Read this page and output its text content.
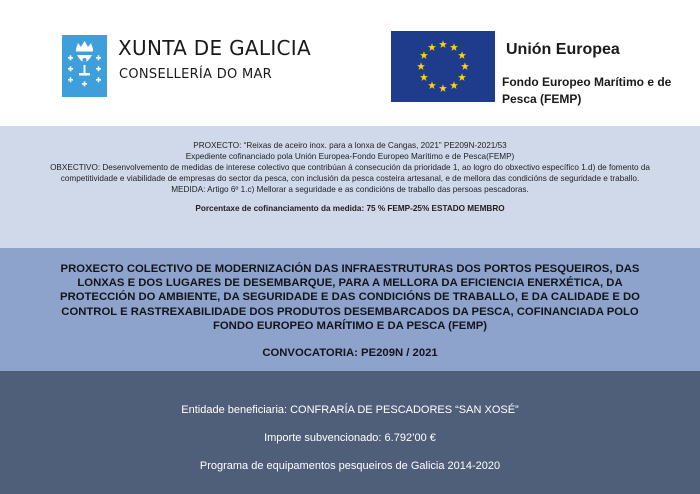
XUNTA DE GALICIA
CONSELLERÍA DO MAR
Unión Europea
Fondo Europeo Marítimo e de Pesca (FEMP)

PROXECTO: “Reixas de aceiro inox. para a lonxa de Cangas, 2021” PE209N-2021/53

Expediente cofinanciado pola Unión Europea-Fondo Europeo Marítimo e de Pesca(FEMP)

OBXECTIVO: Desenvolvemento de medidas de interese colectivo que contribúan á consecución da prioridade 1, ao logro do obxectivo específico 1.d) de fomento da competitividade e viabilidade de empresas do sector da pesca, con inclusión da pesca costeira artesanal, e de mellora das condicións de seguridade e traballo.

MEDIDA: Artigo 6º 1.c) Mellorar a seguridade e as condicións de traballo das persoas pescadoras.

Porcentaxe de cofinanciamento da medida: 75 % FEMP-25% ESTADO MEMBRO

PROXECTO COLECTIVO DE MODERNIZACIÓN DAS INFRAESTRUTURAS DOS PORTOS PESQUEIROS, DAS LONXAS E DOS LUGARES DE DESEMBARQUE, PARA A MELLORA DA EFICIENCIA ENERXÉTICA, DA PROTECCIÓN DO AMBIENTE, DA SEGURIDADE E DAS CONDICIÓNS DE TRABALLO, E DA CALIDADE E DO CONTROL E RASTREXABILIDADE DOS PRODUTOS DESEMBARCADOS DA PESCA, COFINANCIADA POLO FONDO EUROPEO MARÍTIMO E DA PESCA (FEMP)
CONVOCATORIA: PE209N / 2021
Entidade beneficiaria: CONFRARÍA DE PESCADORES “SAN XOSÉ”
Importe subvencionado: 6.792’00 €
Programa de equipamentos pesqueiros de Galicia 2014-2020
